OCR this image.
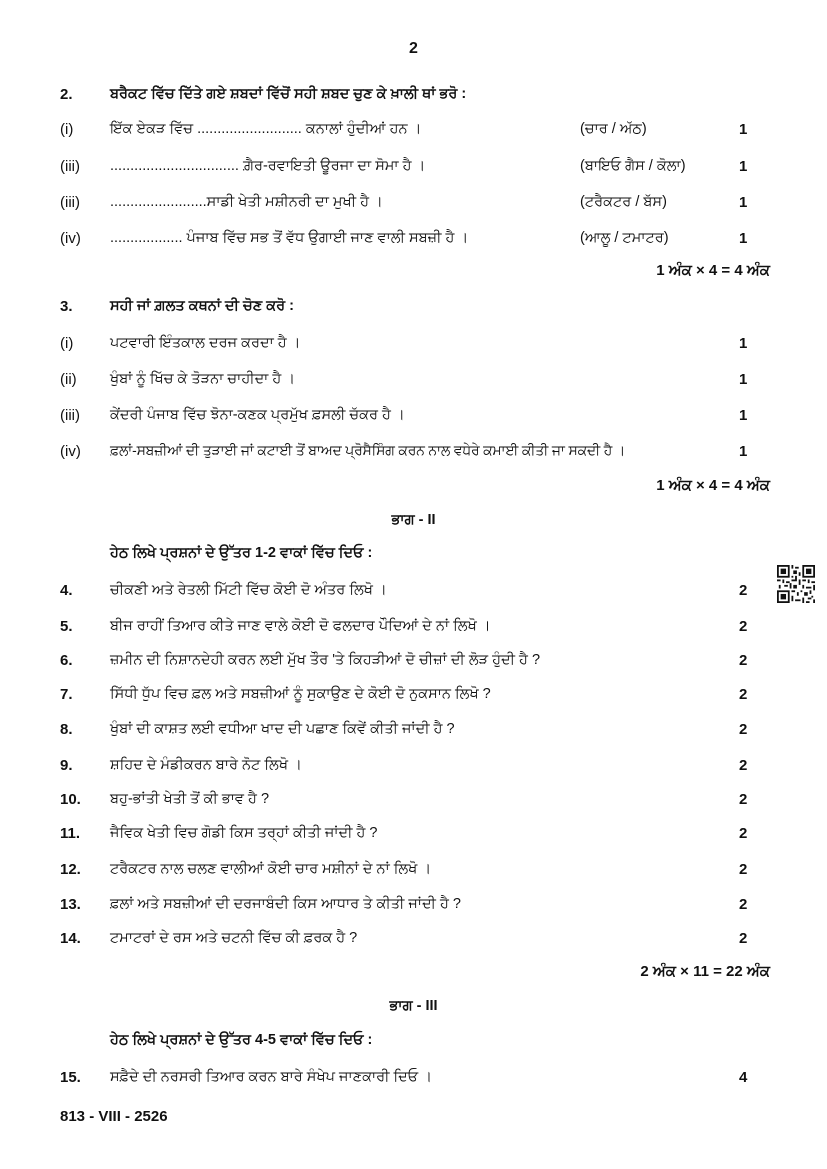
2
2.	ਬਰੈਕਟ ਵਿੱਚ ਦਿੱਤੇ ਗਏ ਸ਼ਬਦਾਂ ਵਿੱਚੋਂ ਸਹੀ ਸ਼ਬਦ ਚੁਣ ਕੇ ਖ਼ਾਲੀ ਥਾਂ ਭਰੋ :
(i)	ਇੱਕ ਏਕੜ ਵਿੱਚ .......................... ਕਨਾਲਾਂ ਹੁੰਦੀਆਂ ਹਨ ।	(ਚਾਰ / ਅੱਠ)	1
(iii) ................................ ਗ਼ੈਰ-ਰਵਾਇਤੀ ਊਰਜਾ ਦਾ ਸੋਮਾ ਹੈ ।	(ਬਾਇਓ ਗੈਸ / ਕੋਲਾ)	1
(iii) ........................ਸਾਡੀ ਖੇਤੀ ਮਸ਼ੀਨਰੀ ਦਾ ਮੁਖੀ ਹੈ ।	(ਟਰੈਕਟਰ / ਬੱਸ)	1
(iv) .................. ਪੰਜਾਬ ਵਿੱਚ ਸਭ ਤੋਂ ਵੱਧ ਉਗਾਈ ਜਾਣ ਵਾਲੀ ਸਬਜ਼ੀ ਹੈ ।	(ਆਲੂ / ਟਮਾਟਰ)	1
1 ਅੰਕ × 4 = 4 ਅੰਕ
3.	ਸਹੀ ਜਾਂ ਗ਼ਲਤ ਕਥਨਾਂ ਦੀ ਚੋਣ ਕਰੋ :
(i)	ਪਟਵਾਰੀ ਇੰਤਕਾਲ ਦਰਜ ਕਰਦਾ ਹੈ ।	1
(ii) ਖੁੰਬਾਂ ਨੂੰ ਖਿੱਚ ਕੇ ਤੋੜਨਾ ਚਾਹੀਦਾ ਹੈ ।	1
(iii) ਕੇਂਦਰੀ ਪੰਜਾਬ ਵਿੱਚ ਝੋਨਾ-ਕਣਕ ਪ੍ਰਮੁੱਖ ਫ਼ਸਲੀ ਚੱਕਰ ਹੈ ।	1
(iv) ਫ਼ਲਾਂ-ਸਬਜ਼ੀਆਂ ਦੀ ਤੁੜਾਈ ਜਾਂ ਕਟਾਈ ਤੋਂ ਬਾਅਦ ਪ੍ਰੋਸੈਸਿੰਗ ਕਰਨ ਨਾਲ ਵਧੇਰੇ ਕਮਾਈ ਕੀਤੀ ਜਾ ਸਕਦੀ ਹੈ ।	1
1 ਅੰਕ × 4 = 4 ਅੰਕ
ਭਾਗ - II
ਹੇਠ ਲਿਖੇ ਪ੍ਰਸ਼ਨਾਂ ਦੇ ਉੱਤਰ 1-2 ਵਾਕਾਂ ਵਿੱਚ ਦਿਓ :
4.	ਚੀਕਣੀ ਅਤੇ ਰੇਤਲੀ ਮਿੱਟੀ ਵਿੱਚ ਕੋਈ ਦੋ ਅੰਤਰ ਲਿਖੋ ।	2
5.	ਬੀਜ ਰਾਹੀਂ ਤਿਆਰ ਕੀਤੇ ਜਾਣ ਵਾਲੇ ਕੋਈ ਦੋ ਫਲਦਾਰ ਪੌਦਿਆਂ ਦੇ ਨਾਂ ਲਿਖੋ ।	2
6.	ਜ਼ਮੀਨ ਦੀ ਨਿਸ਼ਾਨਦੇਹੀ ਕਰਨ ਲਈ ਮੁੱਖ ਤੌਰ 'ਤੇ ਕਿਹੜੀਆਂ ਦੋ ਚੀਜ਼ਾਂ ਦੀ ਲੋੜ ਹੁੰਦੀ ਹੈ ?	2
7.	ਸਿੱਧੀ ਧੁੱਪ ਵਿਚ ਫ਼ਲ ਅਤੇ ਸਬਜ਼ੀਆਂ ਨੂੰ ਸੁਕਾਉਣ ਦੇ ਕੋਈ ਦੋ ਨੁਕਸਾਨ ਲਿਖੋ ?	2
8.	ਖੁੰਬਾਂ ਦੀ ਕਾਸ਼ਤ ਲਈ ਵਧੀਆ ਖਾਦ ਦੀ ਪਛਾਣ ਕਿਵੇਂ ਕੀਤੀ ਜਾਂਦੀ ਹੈ ?	2
9.	ਸ਼ਹਿਦ ਦੇ ਮੰਡੀਕਰਨ ਬਾਰੇ ਨੋਟ ਲਿਖੋ ।	2
10. ਬਹੁ-ਭਾਂਤੀ ਖੇਤੀ ਤੋਂ ਕੀ ਭਾਵ ਹੈ ?	2
11. ਜੈਵਿਕ ਖੇਤੀ ਵਿਚ ਗੋਡੀ ਕਿਸ ਤਰ੍ਹਾਂ ਕੀਤੀ ਜਾਂਦੀ ਹੈ ?	2
12. ਟਰੈਕਟਰ ਨਾਲ ਚਲਣ ਵਾਲੀਆਂ ਕੋਈ ਚਾਰ ਮਸ਼ੀਨਾਂ ਦੇ ਨਾਂ ਲਿਖੋ ।	2
13. ਫ਼ਲਾਂ ਅਤੇ ਸਬਜ਼ੀਆਂ ਦੀ ਦਰਜਾਬੰਦੀ ਕਿਸ ਆਧਾਰ ਤੇ ਕੀਤੀ ਜਾਂਦੀ ਹੈ ?	2
14. ਟਮਾਟਰਾਂ ਦੇ ਰਸ ਅਤੇ ਚਟਨੀ ਵਿੱਚ ਕੀ ਫ਼ਰਕ ਹੈ ?	2
2 ਅੰਕ × 11 = 22 ਅੰਕ
ਭਾਗ - III
ਹੇਠ ਲਿਖੇ ਪ੍ਰਸ਼ਨਾਂ ਦੇ ਉੱਤਰ 4-5 ਵਾਕਾਂ ਵਿੱਚ ਦਿਓ :
15. ਸਫ਼ੈਦੇ ਦੀ ਨਰਸਰੀ ਤਿਆਰ ਕਰਨ ਬਾਰੇ ਸੰਖੇਪ ਜਾਣਕਾਰੀ ਦਿਓ ।	4
813 - VIII - 2526
